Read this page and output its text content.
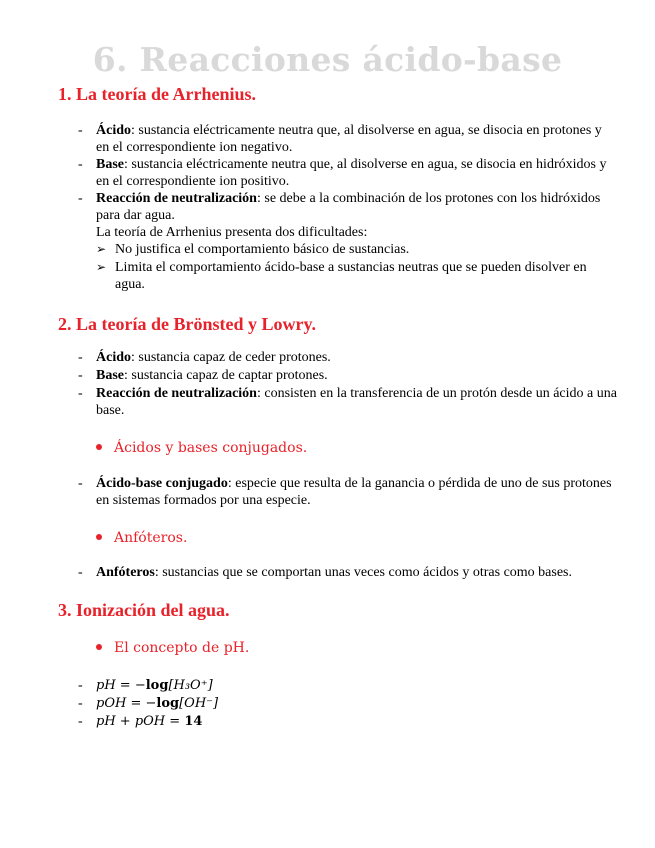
6. Reacciones ácido-base
1. La teoría de Arrhenius.
- Ácido: sustancia eléctricamente neutra que, al disolverse en agua, se disocia en protones y en el correspondiente ion negativo.
- Base: sustancia eléctricamente neutra que, al disolverse en agua, se disocia en hidróxidos y en el correspondiente ion positivo.
- Reacción de neutralización: se debe a la combinación de los protones con los hidróxidos para dar agua.
La teoría de Arrhenius presenta dos dificultades:
➢ No justifica el comportamiento básico de sustancias.
➢ Limita el comportamiento ácido-base a sustancias neutras que se pueden disolver en agua.
2. La teoría de Brönsted y Lowry.
- Ácido: sustancia capaz de ceder protones.
- Base: sustancia capaz de captar protones.
- Reacción de neutralización: consisten en la transferencia de un protón desde un ácido a una base.
Ácidos y bases conjugados.
- Ácido-base conjugado: especie que resulta de la ganancia o pérdida de uno de sus protones en sistemas formados por una especie.
Anfóteros.
- Anfóteros: sustancias que se comportan unas veces como ácidos y otras como bases.
3. Ionización del agua.
El concepto de pH.
- pH = −log[H₃O⁺]
- pOH = −log[OH⁻]
- pH + pOH = 14
